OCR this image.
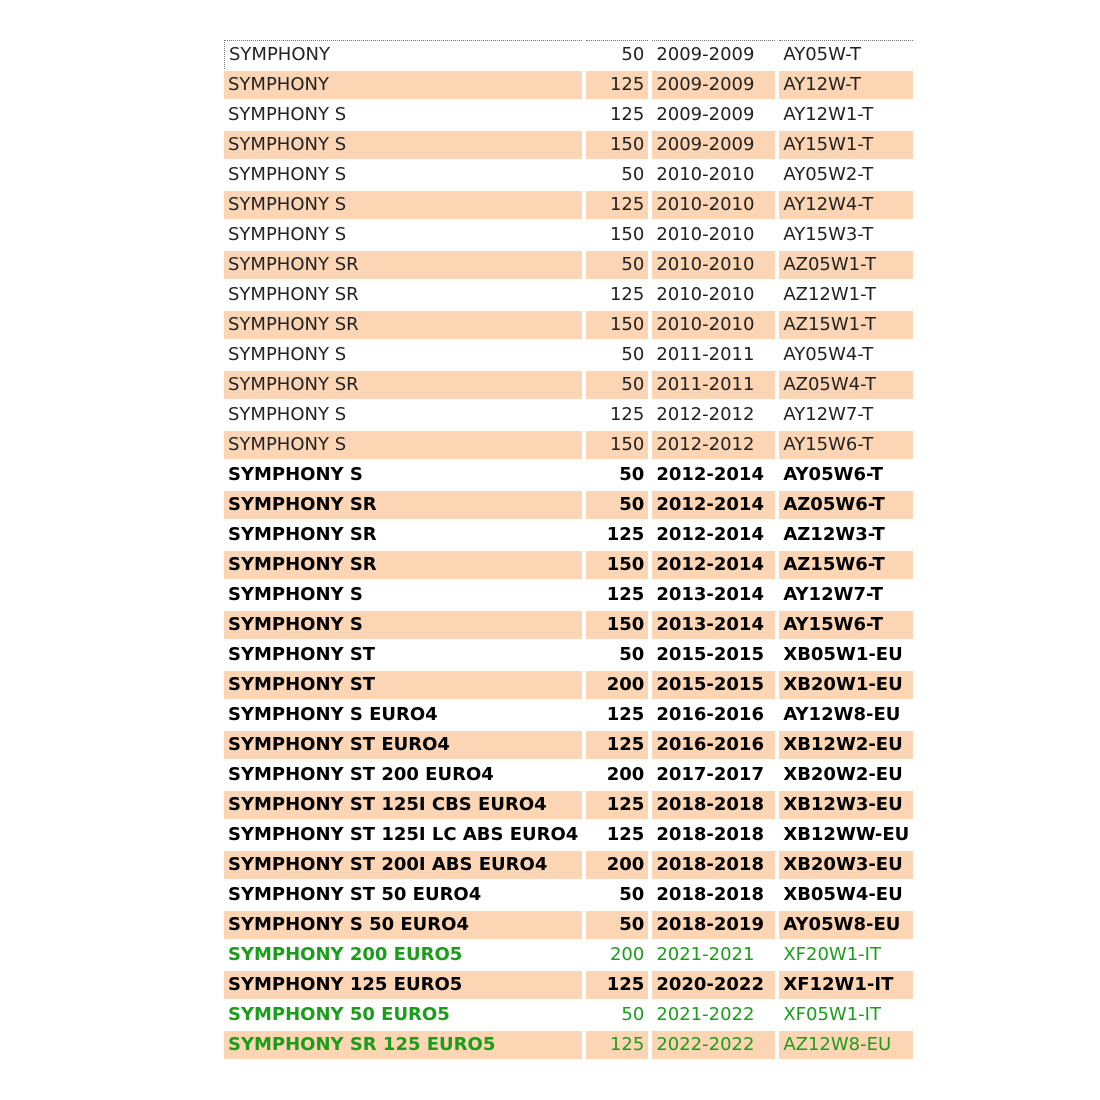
SYMPHONY	50	2009-2009	AY05W-T
SYMPHONY	125	2009-2009	AY12W-T
SYMPHONY S	125	2009-2009	AY12W1-T
SYMPHONY S	150	2009-2009	AY15W1-T
SYMPHONY S	50	2010-2010	AY05W2-T
SYMPHONY S	125	2010-2010	AY12W4-T
SYMPHONY S	150	2010-2010	AY15W3-T
SYMPHONY SR	50	2010-2010	AZ05W1-T
SYMPHONY SR	125	2010-2010	AZ12W1-T
SYMPHONY SR	150	2010-2010	AZ15W1-T
SYMPHONY S	50	2011-2011	AY05W4-T
SYMPHONY SR	50	2011-2011	AZ05W4-T
SYMPHONY S	125	2012-2012	AY12W7-T
SYMPHONY S	150	2012-2012	AY15W6-T
SYMPHONY S	50	2012-2014	AY05W6-T
SYMPHONY SR	50	2012-2014	AZ05W6-T
SYMPHONY SR	125	2012-2014	AZ12W3-T
SYMPHONY SR	150	2012-2014	AZ15W6-T
SYMPHONY S	125	2013-2014	AY12W7-T
SYMPHONY S	150	2013-2014	AY15W6-T
SYMPHONY ST	50	2015-2015	XB05W1-EU
SYMPHONY ST	200	2015-2015	XB20W1-EU
SYMPHONY S EURO4	125	2016-2016	AY12W8-EU
SYMPHONY ST EURO4	125	2016-2016	XB12W2-EU
SYMPHONY ST 200 EURO4	200	2017-2017	XB20W2-EU
SYMPHONY ST 125I CBS EURO4	125	2018-2018	XB12W3-EU
SYMPHONY ST 125I LC ABS EURO4	125	2018-2018	XB12WW-EU
SYMPHONY ST 200I ABS EURO4	200	2018-2018	XB20W3-EU
SYMPHONY ST 50 EURO4	50	2018-2018	XB05W4-EU
SYMPHONY S 50 EURO4	50	2018-2019	AY05W8-EU
SYMPHONY 200 EURO5	200	2021-2021	XF20W1-IT
SYMPHONY 125 EURO5	125	2020-2022	XF12W1-IT
SYMPHONY 50 EURO5	50	2021-2022	XF05W1-IT
SYMPHONY SR 125 EURO5	125	2022-2022	AZ12W8-EU
